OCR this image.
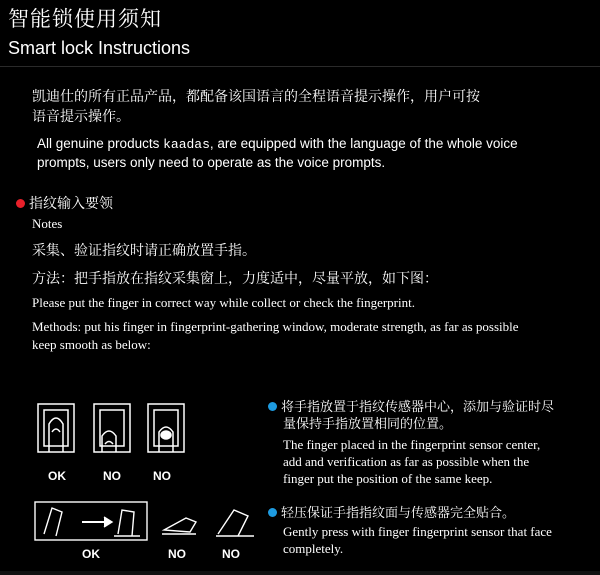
智能锁使用须知
Smart lock Instructions
凯迪仕的所有正品产品，都配备该国语言的全程语音提示操作，用户可按
语音提示操作。
All genuine products kaadas, are equipped with the language of the whole voice
prompts, users only need to operate as the voice prompts.
指纹输入要领
Notes
采集、验证指纹时请正确放置手指。
方法：把手指放在指纹采集窗上，力度适中，尽量平放，如下图：
Please put the finger in correct way while collect or check the fingerprint.
Methods: put his finger in fingerprint-gathering window, moderate strength, as far as possible
keep smooth as below:
OK	NO	NO
OK	NO	NO
将手指放置于指纹传感器中心，添加与验证时尽
量保持手指放置相同的位置。
The finger placed in the fingerprint sensor center,
add and verification as far as possible when the
finger put the position of the same keep.
轻压保证手指指纹面与传感器完全贴合。
Gently press with finger fingerprint sensor that face
completely.
